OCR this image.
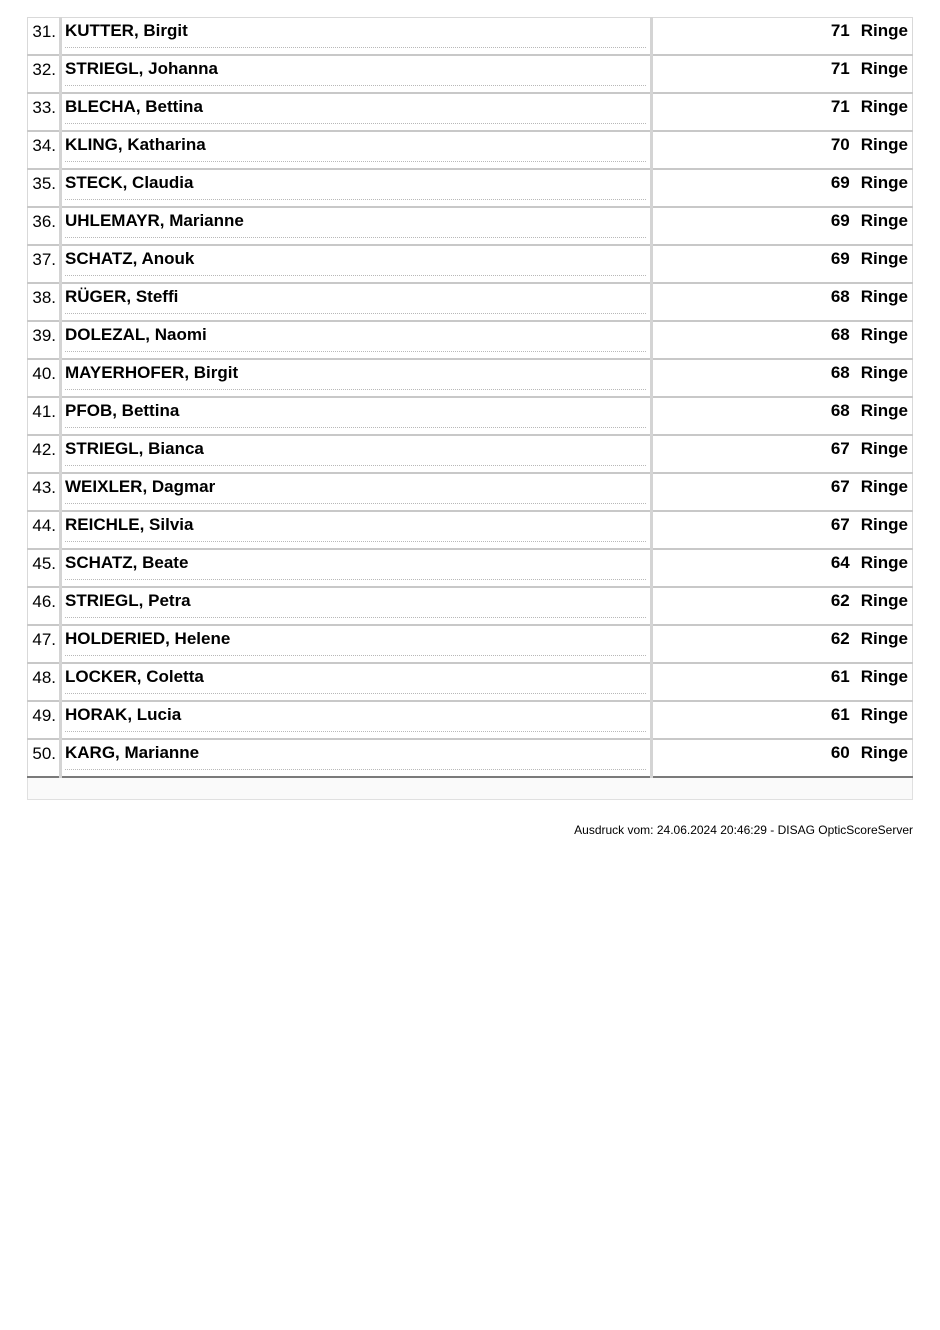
31.	KUTTER, Birgit	71 Ringe

32.	STRIEGL, Johanna	71 Ringe

33.	BLECHA, Bettina	71 Ringe

34.	KLING, Katharina	70 Ringe

35.	STECK, Claudia	69 Ringe

36.	UHLEMAYR, Marianne	69 Ringe

37.	SCHATZ, Anouk	69 Ringe

38.	RÜGER, Steffi	68 Ringe

39.	DOLEZAL, Naomi	68 Ringe

40.	MAYERHOFER, Birgit	68 Ringe

41.	PFOB, Bettina	68 Ringe

42.	STRIEGL, Bianca	67 Ringe

43.	WEIXLER, Dagmar	67 Ringe

44.	REICHLE, Silvia	67 Ringe

45.	SCHATZ, Beate	64 Ringe

46.	STRIEGL, Petra	62 Ringe

47.	HOLDERIED, Helene	62 Ringe

48.	LOCKER, Coletta	61 Ringe

49.	HORAK, Lucia	61 Ringe

50.	KARG, Marianne	60 Ringe
Ausdruck vom: 24.06.2024 20:46:29 - DISAG OpticScoreServer
